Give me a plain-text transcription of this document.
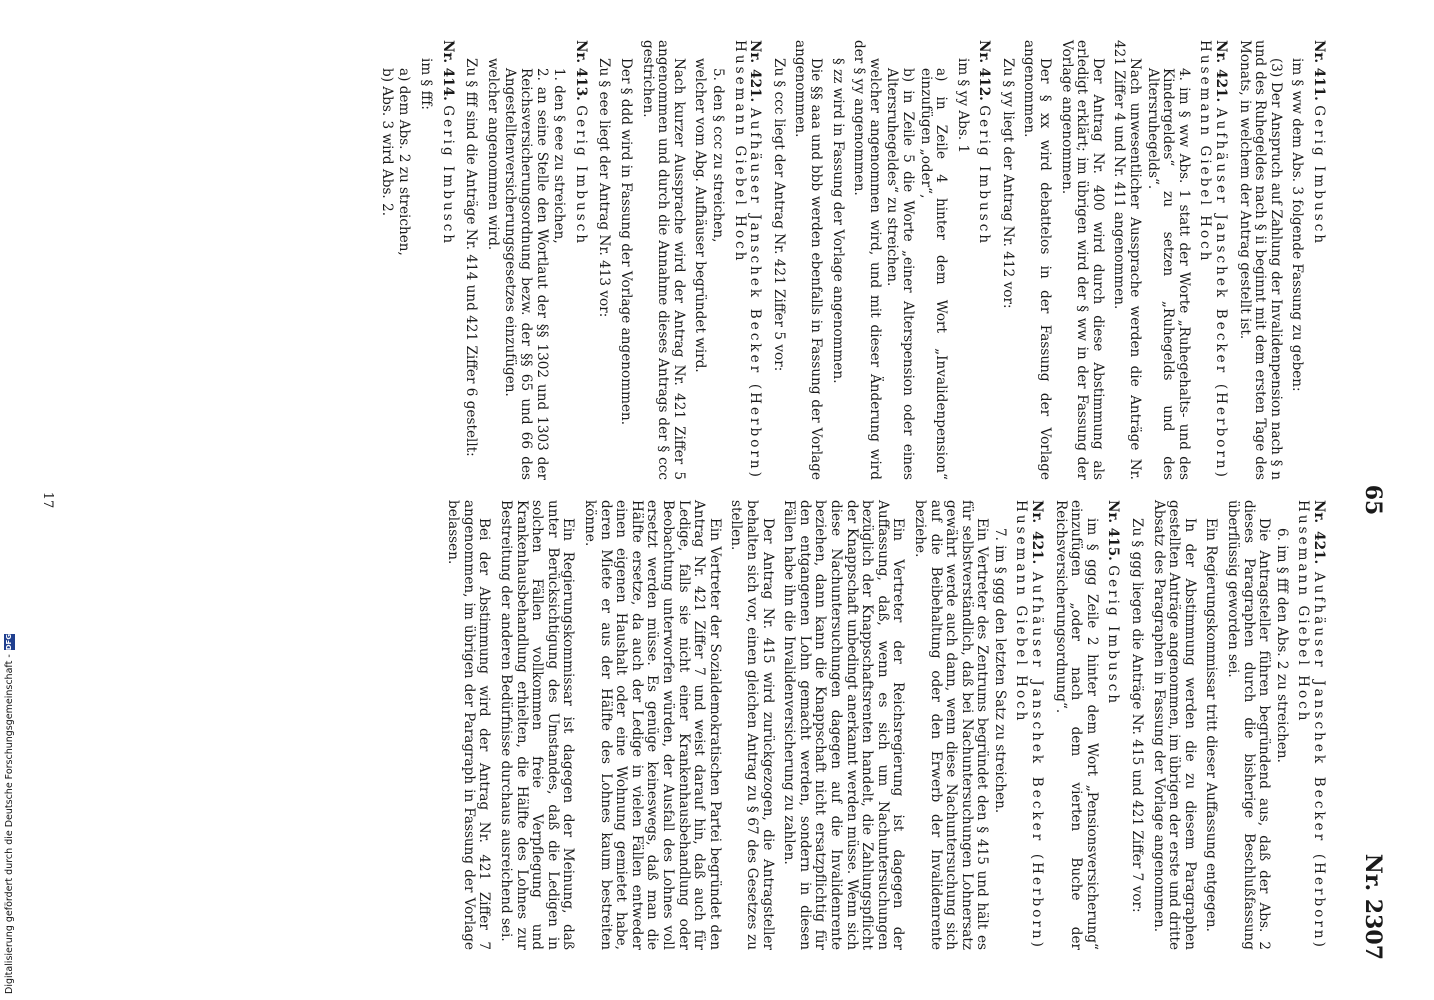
65
Nr. 2307

Nr. 411. Gerig Imbusch

im § ww dem Abs. 3 folgende Fassung zu geben:

(3) Der Anspruch auf Zahlung der Invalidenpension nach § n und des Ruhegeldes nach § ii beginnt mit dem ersten Tage des Monats, in welchem der Antrag gestellt ist.

Nr. 421. Aufhäuser Janschek Becker (Herborn) Husemann Giebel Hoch

4. im § ww Abs. 1 statt der Worte „Ruhegehalts- und des Kindergeldes“ zu setzen „Ruhegelds und des Altersruhegelds“.

Nach unwesentlicher Aussprache werden die Anträge Nr. 421 Ziffer 4 und Nr. 411 angenommen.

Der Antrag Nr. 400 wird durch diese Abstimmung als erledigt erklärt; im übrigen wird der § ww in der Fassung der Vorlage angenommen.

Der § xx wird debattelos in der Fassung der Vorlage angenommen.

Zu § yy liegt der Antrag Nr. 412 vor:

Nr. 412. Gerig Imbusch

im § yy Abs. 1

a) in Zeile 4 hinter dem Wort „Invalidenpension“ einzufügen „oder“,

b) in Zeile 5 die Worte „einer Alterspension oder eines Altersruhegeldes“ zu streichen.

welcher angenommen wird, und mit dieser Änderung wird der § yy angenommen.

§ zz wird in Fassung der Vorlage angenommen.

Die §§ aaa und bbb werden ebenfalls in Fassung der Vorlage angenommen.

Zu § ccc liegt der Antrag Nr. 421 Ziffer 5 vor:

Nr. 421. Aufhäuser Janschek Becker (Herborn) Husemann Giebel Hoch

5. den § ccc zu streichen,

welcher vom Abg. Aufhäuser begründet wird.

Nach kurzer Aussprache wird der Antrag Nr. 421 Ziffer 5 angenommen und durch die Annahme dieses Antrags der § ccc gestrichen.

Der § ddd wird in Fassung der Vorlage angenommen.

Zu § eee liegt der Antrag Nr. 413 vor:

Nr. 413. Gerig Imbusch

1. den § eee zu streichen,

2. an seine Stelle den Wortlaut der §§ 1302 und 1303 der Reichsversicherungsordnung bezw. der §§ 65 und 66 des Angestelltenversicherungsgesetzes einzufügen.

welcher angenommen wird.

Zu § fff sind die Anträge Nr. 414 und 421 Ziffer 6 gestellt:

Nr. 414. Gerig Imbusch

im § fff:

a) dem Abs. 2 zu streichen,

b) Abs. 3 wird Abs. 2.

Nr. 421. Aufhäuser Janschek Becker (Herborn) Husemann Giebel Hoch

6. im § fff den Abs. 2 zu streichen.

Die Antragsteller führen begründend aus, daß der Abs. 2 dieses Paragraphen durch die bisherige Beschlußfassung überflüssig geworden sei.

Ein Regierungskommissar tritt dieser Auffassung entgegen.

In der Abstimmung werden die zu diesem Paragraphen gestellten Anträge angenommen, im übrigen der erste und dritte Absatz des Paragraphen in Fassung der Vorlage angenommen.

Zu § ggg liegen die Anträge Nr. 415 und 421 Ziffer 7 vor:

Nr. 415. Gerig Imbusch

im § ggg Zeile 2 hinter dem Wort „Pensionsversicherung“ einzufügen „oder nach dem vierten Buche der Reichsversicherungsordnung“.

Nr. 421. Aufhäuser Janschek Becker (Herborn) Husemann Giebel Hoch

7. im § ggg den letzten Satz zu streichen.

Ein Vertreter des Zentrums begründet den § 415 und hält es für selbstverständlich, daß bei Nachuntersuchungen Lohnersatz gewährt werde auch dann, wenn diese Nachuntersuchung sich auf die Beibehaltung oder den Erwerb der Invalidenrente beziehe.

Ein Vertreter der Reichsregierung ist dagegen der Auffassung, daß, wenn es sich um Nachuntersuchungen bezüglich der Knappschaftsrenten handelt, die Zahlungspflicht der Knappschaft unbedingt anerkannt werden müsse. Wenn sich diese Nachuntersuchungen dagegen auf die Invalidenrente beziehen, dann kann die Knappschaft nicht ersatzpflichtig für den entgangenen Lohn gemacht werden, sondern in diesen Fällen habe ihn die Invalidenversicherung zu zahlen.

Der Antrag Nr. 415 wird zurückgezogen, die Antragsteller behalten sich vor, einen gleichen Antrag zu § 67 des Gesetzes zu stellen.

Ein Vertreter der Sozialdemokratischen Partei begründet den Antrag Nr. 421 Ziffer 7 und weist darauf hin, daß auch für Ledige, falls sie nicht einer Krankenhausbehandlung oder Beobachtung unterworfen würden, der Ausfall des Lohnes voll ersetzt werden müsse. Es genüge keineswegs, daß man die Hälfte ersetze, da auch der Ledige in vielen Fällen entweder einen eigenen Haushalt oder eine Wohnung gemietet habe, deren Miete er aus der Hälfte des Lohnes kaum bestreiten könne.

Ein Regierungskommissar ist dagegen der Meinung, daß unter Berücksichtigung des Umstandes, daß die Ledigen in solchen Fällen vollkommen freie Verpflegung und Krankenhausbehandlung erhielten, die Hälfte des Lohnes zur Bestreitung der anderen Bedürfnisse durchaus ausreichend sei.

Bei der Abstimmung wird der Antrag Nr. 421 Ziffer 7 angenommen, im übrigen der Paragraph in Fassung der Vorlage belassen.

17
Digitalisierung gefördert durch die Deutsche Forschungsgemeinschaft -
DFG
